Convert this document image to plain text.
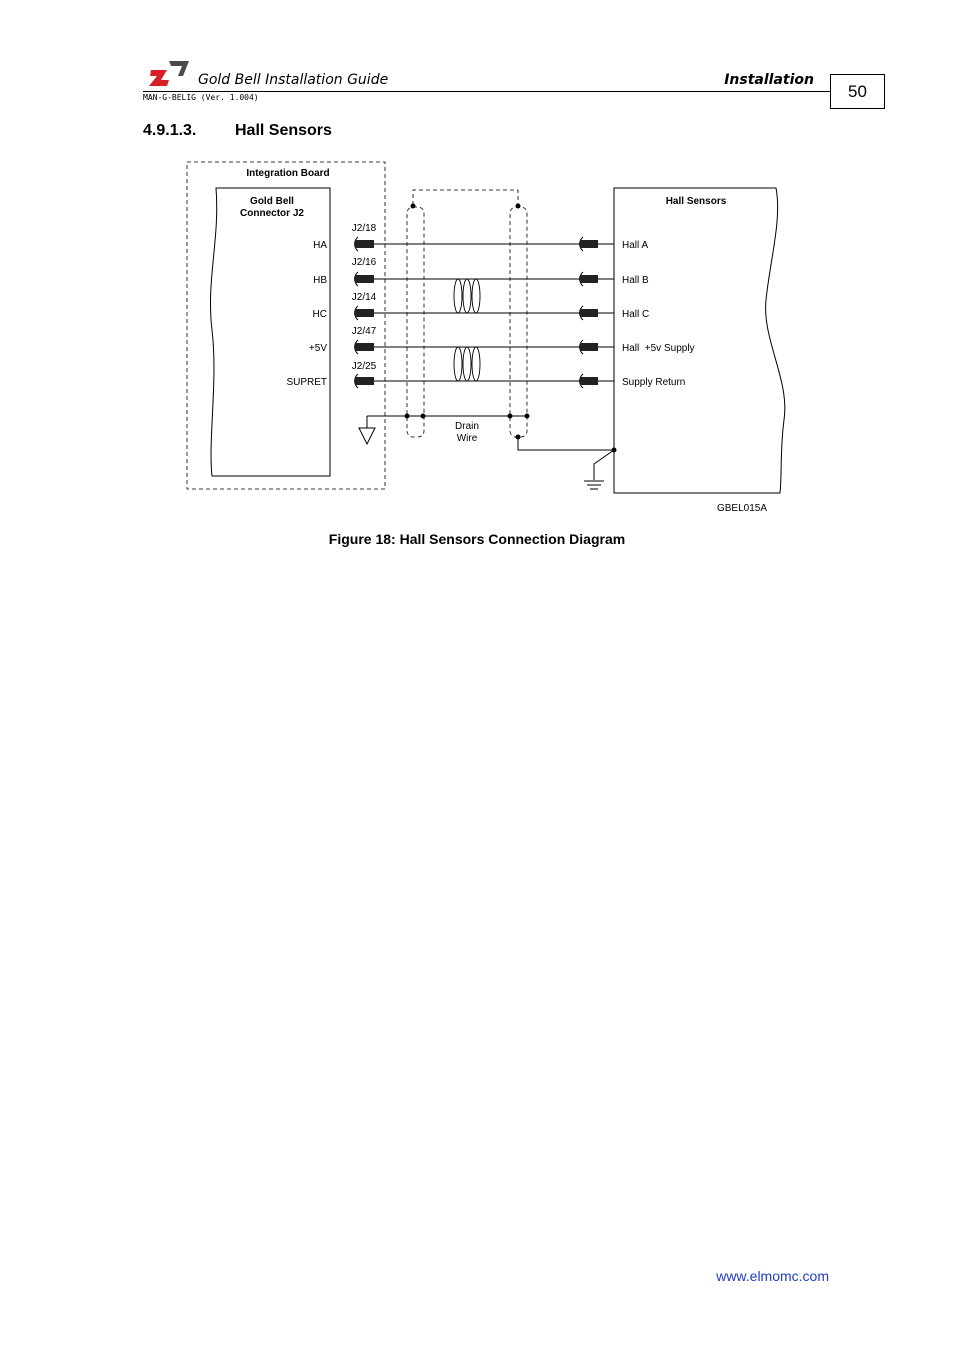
Gold Bell Installation Guide	Installation
MAN-G-BELIG (Ver. 1.004)	50
4.9.1.3. Hall Sensors
Integration Board
Gold Bell
Connector J2
Hall Sensors
Drain
Wire
GBEL015A
J2/18
HA	Hall A
J2/16
HB	Hall B
J2/14
HC	Hall C
J2/47
+5V	Hall  +5v Supply
J2/25
SUPRET	Supply Return
Figure 18: Hall Sensors Connection Diagram
www.elmomc.com
